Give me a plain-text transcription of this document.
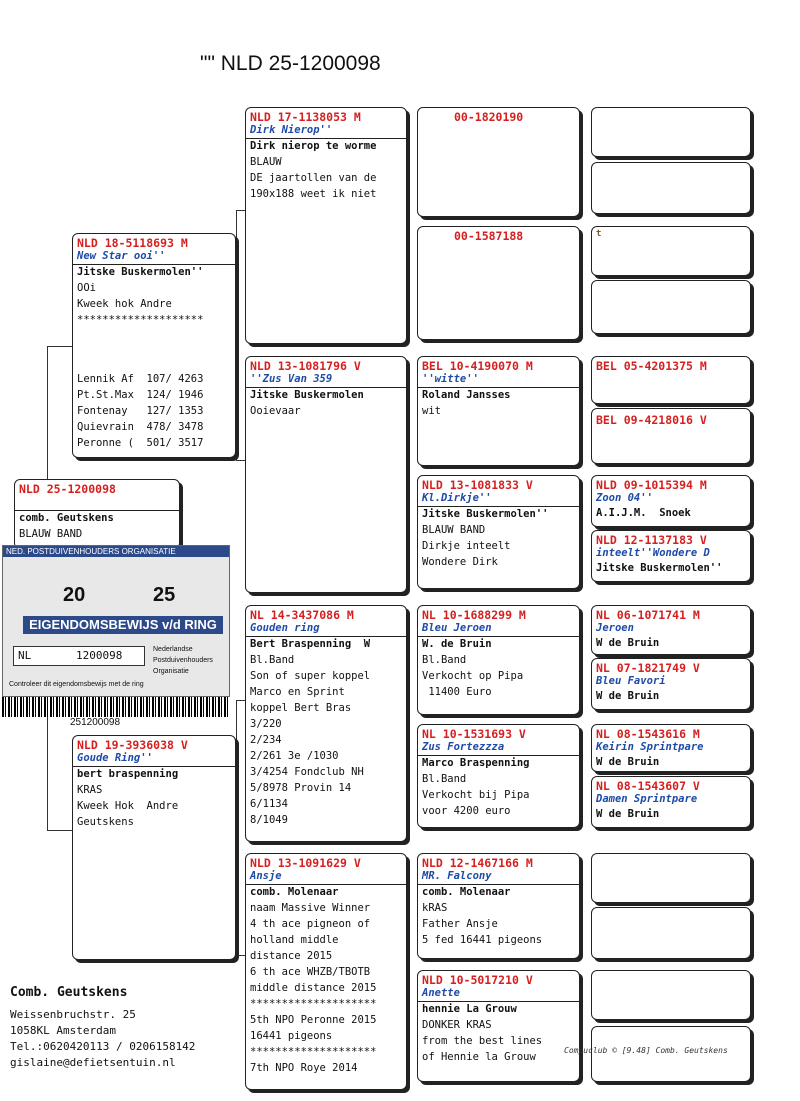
"" NLD 25-1200098
NLD 25-1200098
comb. Geutskens
BLAUW BAND
NED. POSTDUIVENHOUDERS ORGANISATIE
20	25
EIGENDOMSBEWIJS v/d RING
NL	1200098	Nederlandse
Postduivenhouders
Organisatie
Controleer dit eigendomsbewijs met de ring
251200098
NLD 18-5118693 M
New Star ooi''
Jitske Buskermolen''
OOi
Kweek hok Andre
********************
Lennik Af  107/ 4263
Pt.St.Max  124/ 1946
Fontenay   127/ 1353
Quievrain  478/ 3478
Peronne (  501/ 3517
NLD 19-3936038 V
Goude Ring''
bert braspenning
KRAS
Kweek Hok  Andre
Geutskens
NLD 17-1138053 M
Dirk Nierop''
Dirk nierop te worme
BLAUW
DE jaartollen van de
190x188 weet ik niet
NLD 13-1081796 V
''Zus Van 359
Jitske Buskermolen
Ooievaar
NL 14-3437086 M
Gouden ring
Bert Braspenning  W
Bl.Band
Son of super koppel
Marco en Sprint
koppel Bert Bras
3/220
2/234
2/261 3e /1030
3/4254 Fondclub NH
5/8978 Provin 14
6/1134
8/1049
NLD 13-1091629 V
Ansje
comb. Molenaar
naam Massive Winner
4 th ace pigneon of
holland middle
distance 2015
6 th ace WHZB/TBOTB
middle distance 2015
********************
5th NPO Peronne 2015
16441 pigeons
********************
7th NPO Roye 2014
00-1820190
00-1587188
BEL 10-4190070 M
''witte''
Roland Jansses
wit
NLD 13-1081833 V
Kl.Dirkje''
Jitske Buskermolen''
BLAUW BAND
Dirkje inteelt
Wondere Dirk
NL 10-1688299 M
Bleu Jeroen
W. de Bruin
Bl.Band
Verkocht op Pipa
11400 Euro
NL 10-1531693 V
Zus Fortezzza
Marco Braspenning
Bl.Band
Verkocht bij Pipa
voor 4200 euro
NLD 12-1467166 M
MR. Falcony
comb. Molenaar
kRAS
Father Ansje
5 fed 16441 pigeons
NLD 10-5017210 V
Anette
hennie La Grouw
DONKER KRAS
from the best lines
of Hennie la Grouw
t
BEL 05-4201375 M
BEL 09-4218016 V
NLD 09-1015394 M
Zoon 04''
A.I.J.M.  Snoek
NLD 12-1137183 V
inteelt''Wondere D
Jitske Buskermolen''
NL 06-1071741 M
Jeroen
W de Bruin
NL 07-1821749 V
Bleu Favori
W de Bruin
NL 08-1543616 M
Keirin Sprintpare
W de Bruin
NL 08-1543607 V
Damen Sprintpare
W de Bruin
Comb. Geutskens
Weissenbruchstr. 25
1058KL Amsterdam
Tel.:0620420113 / 0206158142
gislaine@defietsentuin.nl
Compuclub © [9.48] Comb. Geutskens
